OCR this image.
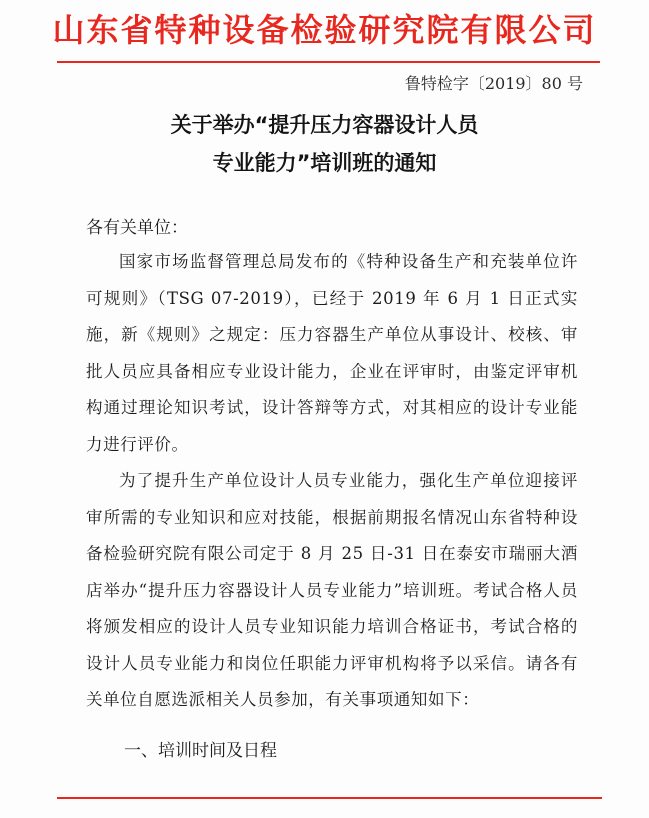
山东省特种设备检验研究院有限公司
鲁特检字〔2019〕80 号
关于举办“提升压力容器设计人员
专业能力”培训班的通知
各有关单位：

国家市场监督管理总局发布的《特种设备生产和充装单位许可规则》（TSG 07-2019），已经于 2019 年 6 月 1 日正式实施，新《规则》之规定：压力容器生产单位从事设计、校核、审批人员应具备相应专业设计能力，企业在评审时，由鉴定评审机构通过理论知识考试，设计答辩等方式，对其相应的设计专业能力进行评价。

为了提升生产单位设计人员专业能力，强化生产单位迎接评审所需的专业知识和应对技能，根据前期报名情况山东省特种设备检验研究院有限公司定于 8 月 25 日-31 日在泰安市瑞丽大酒店举办“提升压力容器设计人员专业能力”培训班。考试合格人员将颁发相应的设计人员专业知识能力培训合格证书，考试合格的设计人员专业能力和岗位任职能力评审机构将予以采信。请各有关单位自愿选派相关人员参加，有关事项通知如下：

一、培训时间及日程
